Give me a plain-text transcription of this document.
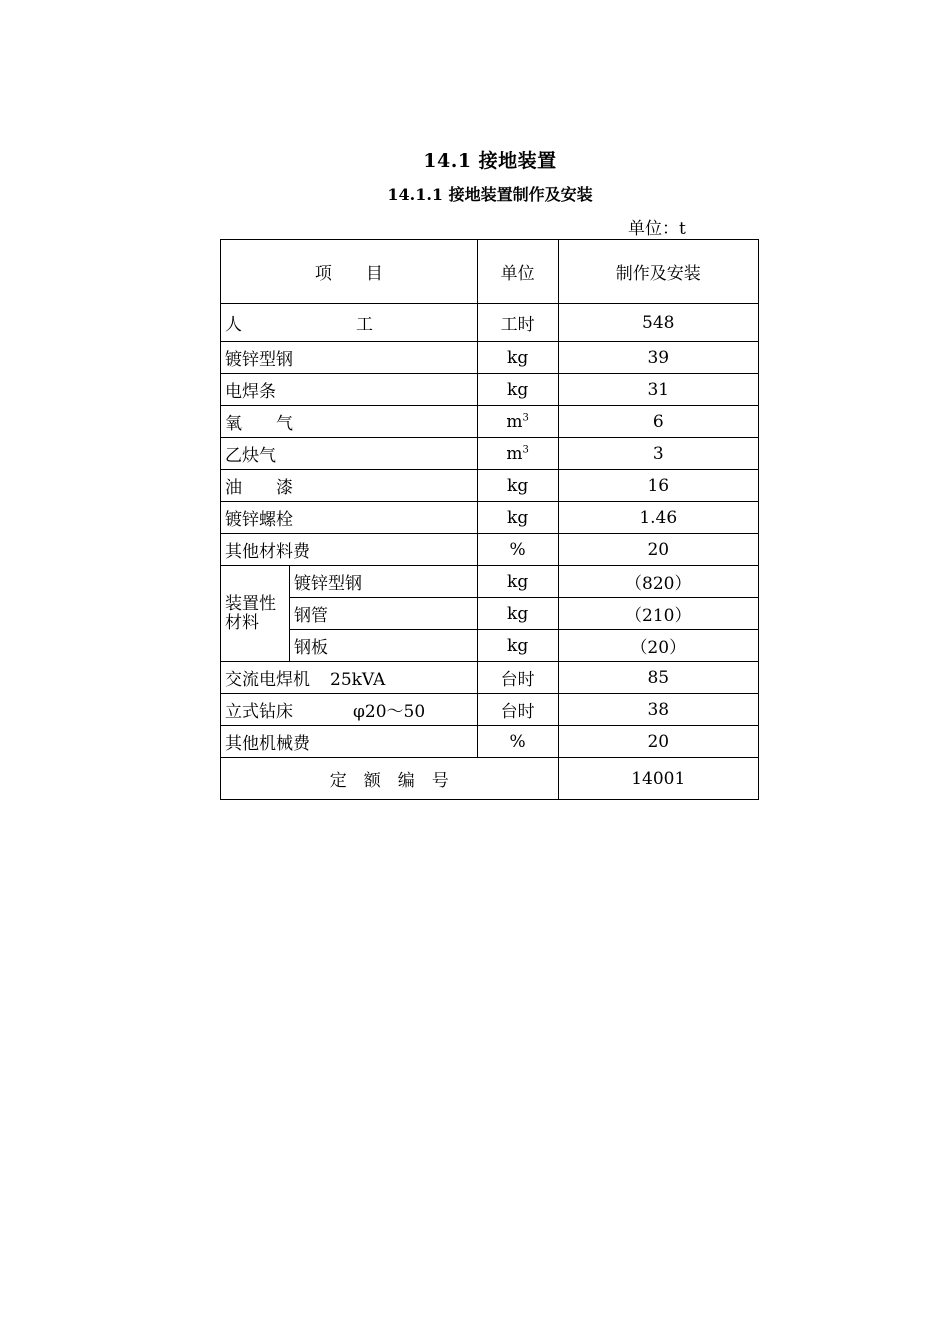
14.1 接地装置
14.1.1 接地装置制作及安装
单位：t
项　　目		单位	制作及安装

人 工		工时	548
镀锌型钢		kg	39
电焊条		kg	31
氧　　气		$m^3$	6
乙炔气		$m^3$	3
油　　漆		kg	16
镀锌螺栓		kg	1.46
其他材料费		%	20

装置性
材料	镀锌型钢	kg	（820）
	钢管	kg	（210）
	钢板	kg	（20）
交流电焊机 25kVA		台时	85
立式钻床 φ20～50		台时	38
其他机械费		%	20
定　额　编　号			14001
